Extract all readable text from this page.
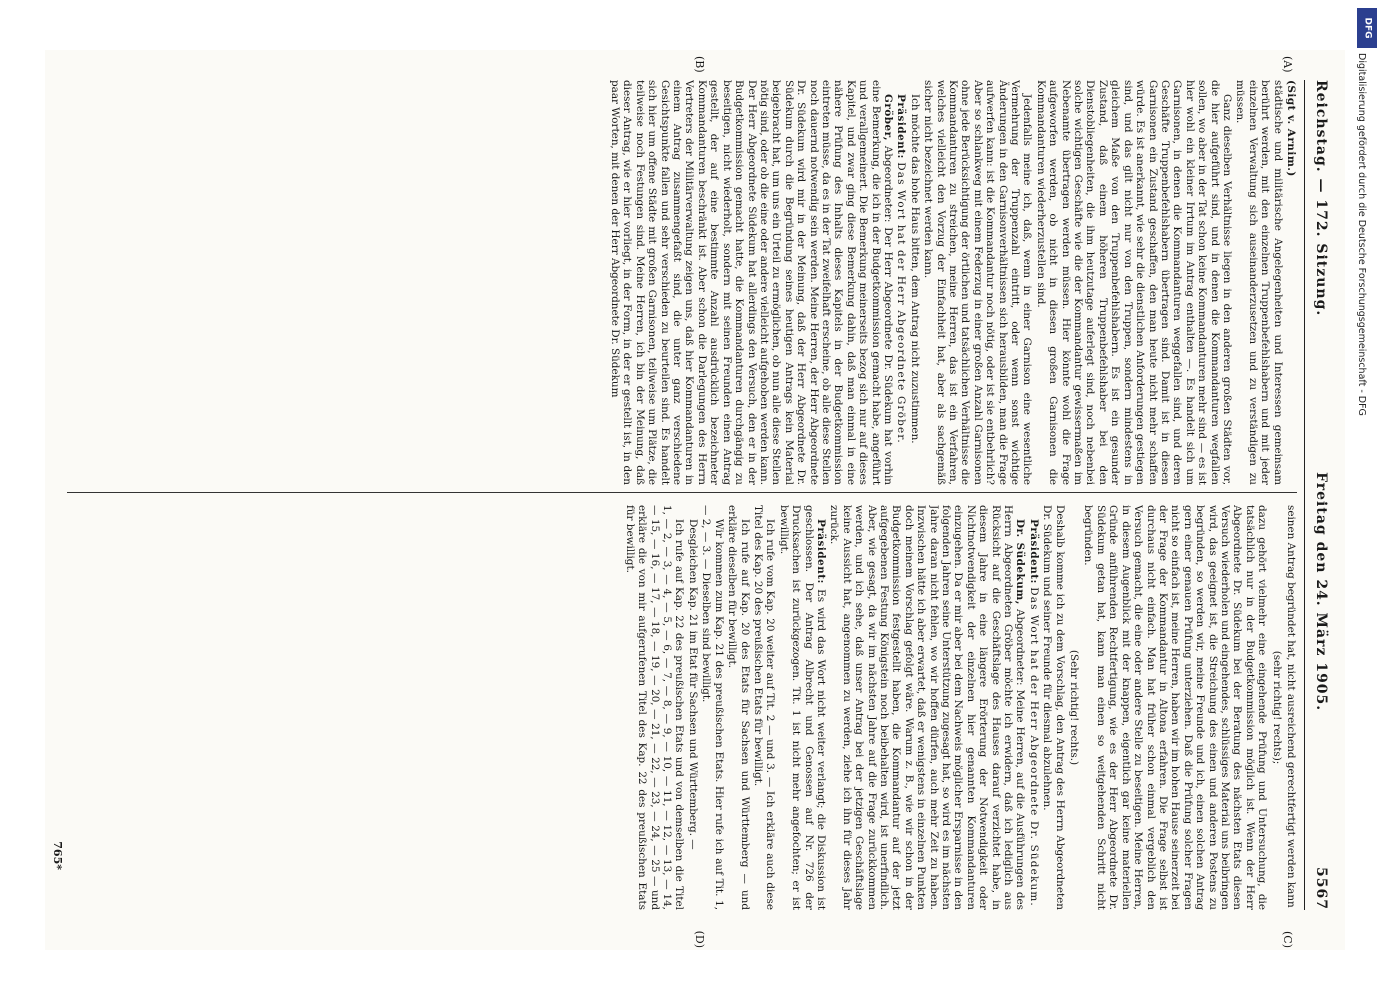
Reichstag. — 172. Sitzung.
Freitag den 24. März 1905.
5567
(A)
(B)
(C)
(D)

(Sigt v. Arnim.)

städtische und militärische Angelegenheiten und Interessen gemeinsam berührt werden, mit den einzelnen Truppenbefehlshabern und mit jeder einzelnen Verwaltung sich auseinanderzusetzen und zu verständigen zu müssen.

Ganz dieselben Verhältnisse liegen in den anderen großen Städten vor, die hier aufgeführt sind, und in denen die Kommandanturen wegfallen sollen, wo aber in der Tat schon keine Kommandanturen mehr sind — es ist hier wohl ein kleiner Irrtum im Antrag enthalten —. Es handelt sich um Garnisonen, in denen die Kommandanturen weggefallen sind, und deren Geschäfte Truppenbefehlshabern übertragen sind. Damit ist in diesen Garnisonen ein Zustand geschaffen, den man heute nicht mehr schaffen würde. Es ist anerkannt, wie sehr die dienstlichen Anforderungen gestiegen sind, und das gilt nicht nur von den Truppen, sondern mindestens in gleichem Maße von den Truppenbefehlshabern. Es ist ein gesunder Zustand, daß einem höheren Truppenbefehlshaber bei den Dienstobliegenheiten, die ihm heutzutage auferlegt sind, noch nebenbei solche wichtigen Geschäfte wie die der Kommandantur gewissermaßen im Nebenamte übertragen werden müssen. Hier könnte wohl die Frage aufgeworfen werden, ob nicht in diesen großen Garnisonen die Kommandanturen wiederherzustellen sind.

Jedenfalls meine ich, daß, wenn in einer Garnison eine wesentliche Vermehrung der Truppenzahl eintritt, oder wenn sonst wichtige Änderungen in den Garnisonverhältnissen sich herausbilden, man die Frage aufwerfen kann: ist die Kommandantur noch nötig, oder ist sie entbehrlich? Aber so schlankweg mit einem Federzug in einer großen Anzahl Garnisonen ohne jede Berücksichtigung der örtlichen und tatsächlichen Verhältnisse die Kommandanturen zu streichen, meine Herren, das ist ein Verfahren, welches vielleicht den Vorzug der Einfachheit hat, aber als sachgemäß sicher nicht bezeichnet werden kann.

Ich möchte das hohe Haus bitten, dem Antrag nicht zuzustimmen.

Präsident: Das Wort hat der Herr Abgeordnete Gröber.

Gröber, Abgeordneter: Der Herr Abgeordnete Dr. Südekum hat vorhin eine Bemerkung, die ich in der Budgetkommission gemacht habe, angeführt und verallgemeinert. Die Bemerkung meinerseits bezog sich nur auf dieses Kapitel, und zwar ging diese Bemerkung dahin, daß man einmal in eine nähere Prüfung des Inhalts dieses Kapitels in der Budgetkommission eintreten müsse, da es in der Tat zweifelhaft erscheine, ob alle diese Stellen noch dauernd notwendig sein werden. Meine Herren, der Herr Abgeordnete Dr. Südekum wird mir in der Meinung, daß der Herr Abgeordnete Dr. Südekum durch die Begründung seines heutigen Antrags kein Material beigebracht hat, um uns ein Urteil zu ermöglichen, ob nun alle diese Stellen nötig sind, oder ob die eine oder andere vielleicht aufgehoben werden kann. Der Herr Abgeordnete Südekum hat allerdings den Versuch, den er in der Budgetkommission gemacht hatte, die Kommandanturen durchgängig zu beseitigen, nicht wiederholt, sondern mit seinen Freunden einen Antrag gestellt, der auf eine bestimmte Anzahl ausdrücklich bezeichneter Kommandanturen beschränkt ist. Aber schon die Darlegungen des Herrn Vertreters der Militärverwaltung zeigen uns, daß hier Kommandanturen in einem Antrag zusammengefaßt sind, die unter ganz verschiedene Gesichtspunkte fallen und sehr verschieden zu beurteilen sind. Es handelt sich hier um offene Städte mit großen Garnisonen, teilweise um Plätze, die teilweise noch Festungen sind. Meine Herren, ich bin der Meinung, daß dieser Antrag, wie er hier vorliegt, in der Form, in der er gestellt ist, in den paar Worten, mit denen der Herr Abgeordnete Dr. Südekum

seinen Antrag begründet hat, nicht ausreichend gerechtfertigt werden kann

(sehr richtig! rechts);

dazu gehört vielmehr eine eingehende Prüfung und Untersuchung, die tatsächlich nur in der Budgetkommission möglich ist. Wenn der Herr Abgeordnete Dr. Südekum bei der Beratung des nächsten Etats diesen Versuch wiederholen und eingehendes, schlüssiges Material uns beibringen wird, das geeignet ist, die Streichung des einen und anderen Postens zu begründen, so werden wir, meine Freunde und ich, einen solchen Antrag gern einer genauen Prüfung unterziehen. Daß die Prüfung solcher Fragen nicht so einfach ist, meine Herren, haben wir im hohen Hause seinerzeit bei der Frage der Kommandantur in Altona erfahren. Die Frage selbst ist durchaus nicht einfach. Man hat früher schon einmal vergeblich den Versuch gemacht, die eine oder andere Stelle zu beseitigen. Meine Herren, in diesem Augenblick mit der knappen, eigentlich gar keine materiellen Gründe anführenden Rechtfertigung, wie es der Herr Abgeordnete Dr. Südekum getan hat, kann man einen so weitgehenden Schritt nicht begründen.

(Sehr richtig! rechts.)

Deshalb komme ich zu dem Vorschlag, den Antrag des Herrn Abgeordneten Dr. Südekum und seiner Freunde für diesmal abzulehnen.

Präsident: Das Wort hat der Herr Abgeordnete Dr. Südekum.

Dr. Südekum, Abgeordneter: Meine Herren, auf die Ausführungen des Herrn Abgeordneten Gröber möchte ich erwidern, daß ich lediglich aus Rücksicht auf die Geschäftslage des Hauses darauf verzichtet habe, in diesem Jahre in eine längere Erörterung der Notwendigkeit oder Nichtnotwendigkeit der einzelnen hier genannten Kommandanturen einzugehen. Da er mir aber bei dem Nachweis möglicher Ersparnisse in den folgenden Jahren seine Unterstützung zugesagt hat, so wird es im nächsten Jahre daran nicht fehlen, wo wir hoffen dürfen, auch mehr Zeit zu haben. Inzwischen hätte ich aber erwartet, daß er wenigstens in einzelnen Punkten doch meinem Vorschlag gefolgt wäre. Warum z. B., wie wir schon in der Budgetkommission festgestellt haben, die Kommandantur auf der jetzt aufgegebenen Festung Königstein noch beibehalten wird, ist unerfindlich. Aber, wie gesagt, da wir im nächsten Jahre auf die Frage zurückkommen werden, und ich sehe, daß unser Antrag bei der jetzigen Geschäftslage keine Aussicht hat, angenommen zu werden, ziehe ich ihn für dieses Jahr zurück.

Präsident: Es wird das Wort nicht weiter verlangt; die Diskussion ist geschlossen. Der Antrag Albrecht und Genossen auf Nr. 726 der Drucksachen ist zurückgezogen. Tit. 1 ist nicht mehr angefochten; er ist bewilligt.

Ich rufe vom Kap. 20 weiter auf Tit. 2 — und 3. — Ich erkläre auch diese Titel des Kap. 20 des preußischen Etats für bewilligt.

Ich rufe auf Kap. 20 des Etats für Sachsen und Württemberg — und erkläre dieselben für bewilligt.

Wir kommen zum Kap. 21 des preußischen Etats. Hier rufe ich auf Tit. 1, — 2, — 3. — Dieselben sind bewilligt.

Desgleichen Kap. 21 im Etat für Sachsen und Württemberg. —

Ich rufe auf Kap. 22 des preußischen Etats und von demselben die Titel 1, — 2, — 3, — 4, — 5, — 6, — 7, — 8, — 9, — 10, — 11, — 12, — 13, — 14, — 15, — 16, — 17, — 18, — 19, — 20, — 21, — 22, — 23, — 24, — 25 — und erkläre die von mir aufgerufenen Titel des Kap. 22 des preußischen Etats für bewilligt.

765*
DFG
Digitalisierung gefördert durch die Deutsche Forschungsgemeinschaft - DFG
